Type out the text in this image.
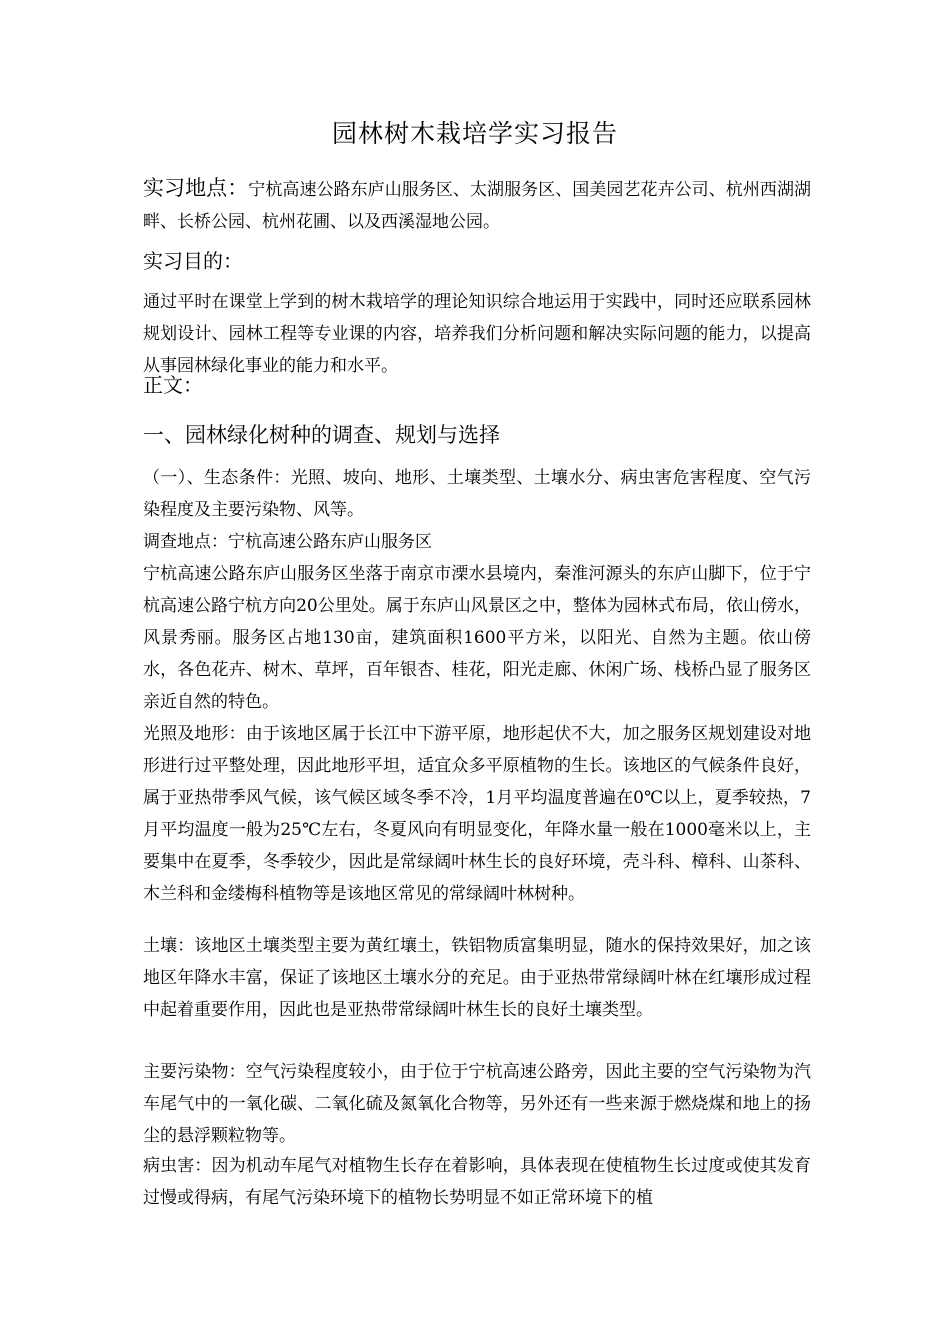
园林树木栽培学实习报告
实习地点：宁杭高速公路东庐山服务区、太湖服务区、国美园艺花卉公司、杭州西湖湖畔、长桥公园、杭州花圃、以及西溪湿地公园。
实习目的：
通过平时在课堂上学到的树木栽培学的理论知识综合地运用于实践中，同时还应联系园林规划设计、园林工程等专业课的内容，培养我们分析问题和解决实际问题的能力，以提高从事园林绿化事业的能力和水平。
正文：
一、园林绿化树种的调查、规划与选择
（一）、生态条件：光照、坡向、地形、土壤类型、土壤水分、病虫害危害程度、空气污染程度及主要污染物、风等。
调查地点：宁杭高速公路东庐山服务区
宁杭高速公路东庐山服务区坐落于南京市溧水县境内，秦淮河源头的东庐山脚下，位于宁杭高速公路宁杭方向20公里处。属于东庐山风景区之中，整体为园林式布局，依山傍水，风景秀丽。服务区占地130亩，建筑面积1600平方米，以阳光、自然为主题。依山傍水，各色花卉、树木、草坪，百年银杏、桂花，阳光走廊、休闲广场、栈桥凸显了服务区亲近自然的特色。
光照及地形：由于该地区属于长江中下游平原，地形起伏不大，加之服务区规划建设对地形进行过平整处理，因此地形平坦，适宜众多平原植物的生长。该地区的气候条件良好，属于亚热带季风气候，该气候区域冬季不冷，1月平均温度普遍在0℃以上，夏季较热，7月平均温度一般为25℃左右，冬夏风向有明显变化，年降水量一般在1000毫米以上，主要集中在夏季，冬季较少，因此是常绿阔叶林生长的良好环境，壳斗科、樟科、山茶科、木兰科和金缕梅科植物等是该地区常见的常绿阔叶林树种。
土壤：该地区土壤类型主要为黄红壤土，铁铝物质富集明显，随水的保持效果好，加之该地区年降水丰富，保证了该地区土壤水分的充足。由于亚热带常绿阔叶林在红壤形成过程中起着重要作用，因此也是亚热带常绿阔叶林生长的良好土壤类型。
主要污染物：空气污染程度较小，由于位于宁杭高速公路旁，因此主要的空气污染物为汽车尾气中的一氧化碳、二氧化硫及氮氧化合物等，另外还有一些来源于燃烧煤和地上的扬尘的悬浮颗粒物等。
病虫害：因为机动车尾气对植物生长存在着影响，具体表现在使植物生长过度或使其发育过慢或得病，有尾气污染环境下的植物长势明显不如正常环境下的植
